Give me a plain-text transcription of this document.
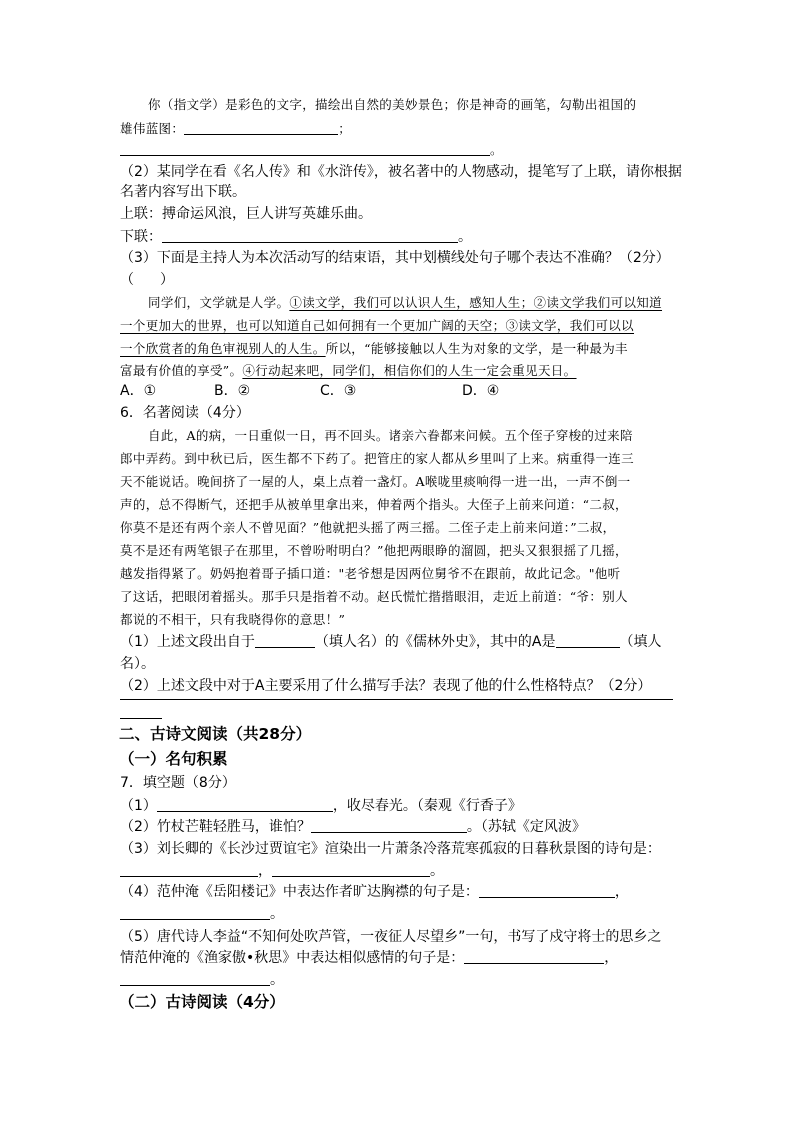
你（指文学）是彩色的文字，描绘出自然的美妙景色；你是神奇的画笔，勾勒出祖国的
雄伟蓝图：	；
。
（2）某同学在看《名人传》和《水浒传》，被名著中的人物感动，提笔写了上联，请你根据
名著内容写出下联。
上联：搏命运风浪，巨人讲写英雄乐曲。
下联：	。
（3）下面是主持人为本次活动写的结束语，其中划横线处句子哪个表达不准确？（2分）
（ ）
同学们，文学就是人学。①读文学，我们可以认识人生，感知人生；②读文学我们可以知道
一个更加大的世界，也可以知道自己如何拥有一个更加广阔的天空；③读文学，我们可以以
一个欣赏者的角色审视别人的人生。所以，“能够接触以人生为对象的文学，是一种最为丰
富最有价值的享受”。④行动起来吧，同学们，相信你们的人生一定会重见天日。
A．①	B．②	C．③	D．④
6．名著阅读（4分）
自此，A的病，一日重似一日，再不回头。诸亲六眷都来问候。五个侄子穿梭的过来陪
郎中弄药。到中秋已后，医生都不下药了。把管庄的家人都从乡里叫了上来。病重得一连三
天不能说话。晚间挤了一屋的人，桌上点着一盏灯。A喉咙里痰响得一进一出，一声不倒一
声的，总不得断气，还把手从被单里拿出来，伸着两个指头。大侄子上前来问道：“二叔，
你莫不是还有两个亲人不曾见面？”他就把头摇了两三摇。二侄子走上前来问道：”二叔，
莫不是还有两笔银子在那里，不曾吩咐明白？”他把两眼睁的溜圆，把头又狠狠摇了几摇，
越发指得紧了。奶妈抱着哥子插口道："老爷想是因两位舅爷不在跟前，故此记念。"他听
了这话，把眼闭着摇头。那手只是指着不动。赵氏慌忙揩揩眼泪，走近上前道：“爷：别人
都说的不相干，只有我晓得你的意思！”
（1）上述文段出自于	（填人名）的《儒林外史》，其中的A是	（填人
名）。
（2）上述文段中对于A主要采用了什么描写手法？表现了他的什么性格特点？（2分）
二、古诗文阅读（共28分）
（一）名句积累
7．填空题（8分）
（1）	，收尽春光。（秦观《行香子》
（2）竹杖芒鞋轻胜马，谁怕？	。（苏轼《定风波》
（3）刘长卿的《长沙过贾谊宅》渲染出一片萧条冷落荒寒孤寂的日暮秋景图的诗句是：
，	。
（4）范仲淹《岳阳楼记》中表达作者旷达胸襟的句子是：	，
。
（5）唐代诗人李益“不知何处吹芦管，一夜征人尽望乡”一句，书写了戍守将士的思乡之
情范仲淹的《渔家傲•秋思》中表达相似感情的句子是：	，
。
（二）古诗阅读（4分）
